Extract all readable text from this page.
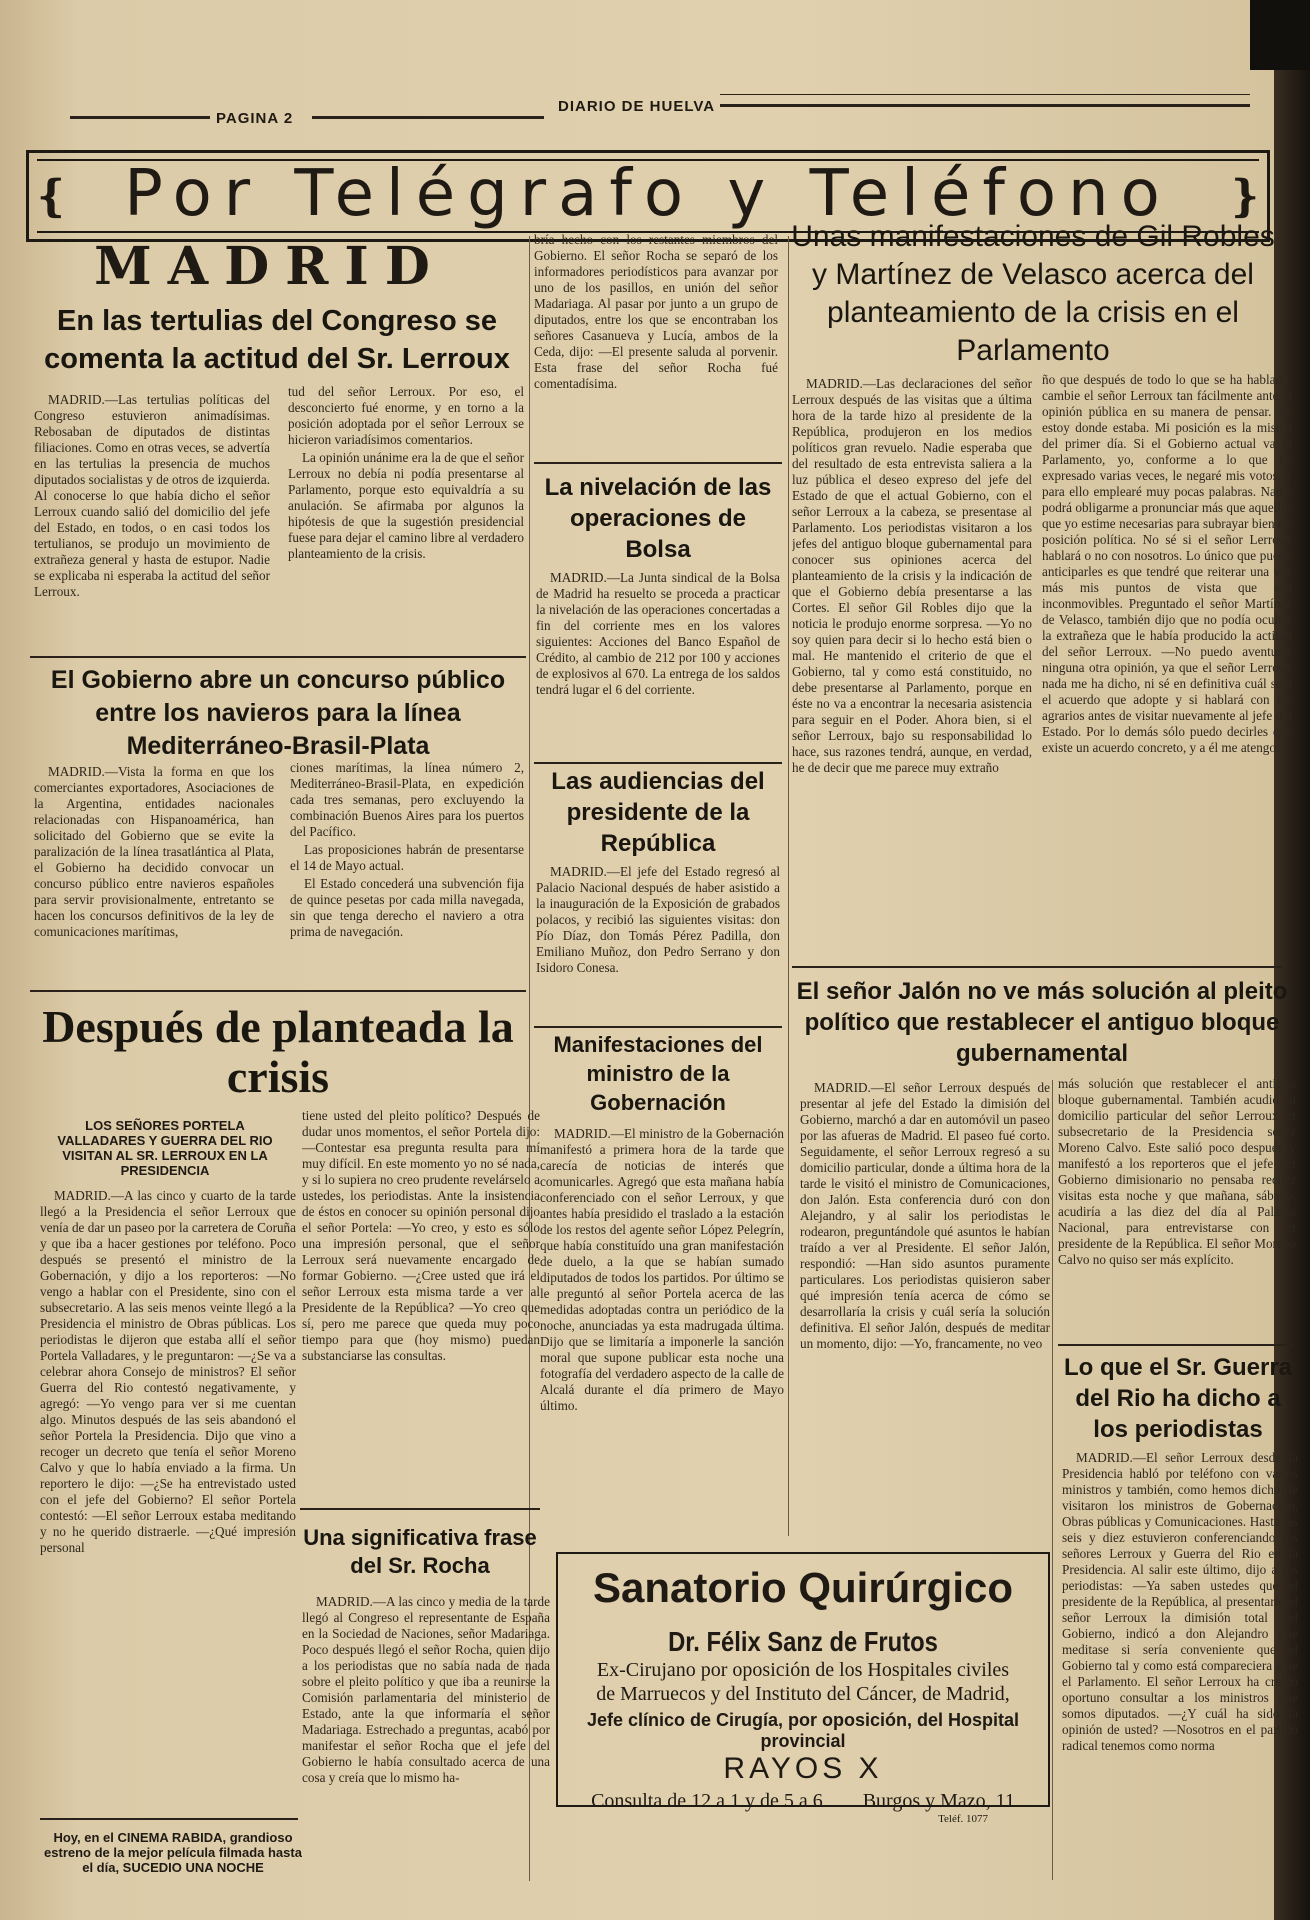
PAGINA 2
DIARIO DE HUELVA
❴	❵
Por Telégrafo y Teléfono
MADRID
En las tertulias del Congreso se comenta la actitud del Sr. Lerroux

MADRID.—Las tertulias políticas del Congreso estuvieron animadísimas. Rebosaban de diputados de distintas filiaciones. Como en otras veces, se advertía en las tertulias la presencia de muchos diputados socialistas y de otros de izquierda. Al conocerse lo que había dicho el señor Lerroux cuando salió del domicilio del jefe del Estado, en todos, o en casi todos los tertulianos, se produjo un movimiento de extrañeza general y hasta de estupor. Nadie se explicaba ni esperaba la actitud del señor Lerroux.

tud del señor Lerroux. Por eso, el desconcierto fué enorme, y en torno a la posición adoptada por el señor Lerroux se hicieron variadísimos comentarios.

La opinión unánime era la de que el señor Lerroux no debía ni podía presentarse al Parlamento, porque esto equivaldría a su anulación. Se afirmaba por algunos la hipótesis de que la sugestión presidencial fuese para dejar el camino libre al verdadero planteamiento de la crisis.

El Gobierno abre un concurso público entre los navieros para la línea Mediterráneo-Brasil-Plata

MADRID.—Vista la forma en que los comerciantes exportadores, Asociaciones de la Argentina, entidades nacionales relacionadas con Hispanoamérica, han solicitado del Gobierno que se evite la paralización de la línea trasatlántica al Plata, el Gobierno ha decidido convocar un concurso público entre navieros españoles para servir provisionalmente, entretanto se hacen los concursos definitivos de la ley de comunicaciones marítimas,

ciones marítimas, la línea número 2, Mediterráneo-Brasil-Plata, en expedición cada tres semanas, pero excluyendo la combinación Buenos Aires para los puertos del Pacífico.

Las proposiciones habrán de presentarse el 14 de Mayo actual.

El Estado concederá una subvención fija de quince pesetas por cada milla navegada, sin que tenga derecho el naviero a otra prima de navegación.

Después de planteada la crisis
LOS SEÑORES PORTELA VALLADARES Y GUERRA DEL RIO VISITAN AL SR. LERROUX EN LA PRESIDENCIA

MADRID.—A las cinco y cuarto de la tarde llegó a la Presidencia el señor Lerroux que venía de dar un paseo por la carretera de Coruña y que iba a hacer gestiones por teléfono. Poco después se presentó el ministro de la Gobernación, y dijo a los reporteros: —No vengo a hablar con el Presidente, sino con el subsecretario. A las seis menos veinte llegó a la Presidencia el ministro de Obras públicas. Los periodistas le dijeron que estaba allí el señor Portela Valladares, y le preguntaron: —¿Se va a celebrar ahora Consejo de ministros? El señor Guerra del Rio contestó negativamente, y agregó: —Yo vengo para ver si me cuentan algo. Minutos después de las seis abandonó el señor Portela la Presidencia. Dijo que vino a recoger un decreto que tenía el señor Moreno Calvo y que lo había enviado a la firma. Un reportero le dijo: —¿Se ha entrevistado usted con el jefe del Gobierno? El señor Portela contestó: —El señor Lerroux estaba meditando y no he querido distraerle. —¿Qué impresión personal

tiene usted del pleito político? Después de dudar unos momentos, el señor Portela dijo: —Contestar esa pregunta resulta para mí muy difícil. En este momento yo no sé nada, y si lo supiera no creo prudente revelárselo a ustedes, los periodistas. Ante la insistencia de éstos en conocer su opinión personal dijo el señor Portela: —Yo creo, y esto es sólo una impresión personal, que el señor Lerroux será nuevamente encargado de formar Gobierno. —¿Cree usted que irá el señor Lerroux esta misma tarde a ver al Presidente de la República? —Yo creo que sí, pero me parece que queda muy poco tiempo para que (hoy mismo) puedan substanciarse las consultas.

Una significativa frase del Sr. Rocha

MADRID.—A las cinco y media de la tarde llegó al Congreso el representante de España en la Sociedad de Naciones, señor Madariaga. Poco después llegó el señor Rocha, quien dijo a los periodistas que no sabía nada de nada sobre el pleito político y que iba a reunirse la Comisión parlamentaria del ministerio de Estado, ante la que informaría el señor Madariaga. Estrechado a preguntas, acabó por manifestar el señor Rocha que el jefe del Gobierno le había consultado acerca de una cosa y creía que lo mismo ha-

bría hecho con los restantes miembros del Gobierno. El señor Rocha se separó de los informadores periodísticos para avanzar por uno de los pasillos, en unión del señor Madariaga. Al pasar por junto a un grupo de diputados, entre los que se encontraban los señores Casanueva y Lucía, ambos de la Ceda, dijo: —El presente saluda al porvenir. Esta frase del señor Rocha fué comentadísima.

La nivelación de las operaciones de Bolsa

MADRID.—La Junta sindical de la Bolsa de Madrid ha resuelto se proceda a practicar la nivelación de las operaciones concertadas a fin del corriente mes en los valores siguientes: Acciones del Banco Español de Crédito, al cambio de 212 por 100 y acciones de explosivos al 670. La entrega de los saldos tendrá lugar el 6 del corriente.

Las audiencias del presidente de la República

MADRID.—El jefe del Estado regresó al Palacio Nacional después de haber asistido a la inauguración de la Exposición de grabados polacos, y recibió las siguientes visitas: don Pío Díaz, don Tomás Pérez Padilla, don Emiliano Muñoz, don Pedro Serrano y don Isidoro Conesa.

Manifestaciones del ministro de la Gobernación

MADRID.—El ministro de la Gobernación manifestó a primera hora de la tarde que carecía de noticias de interés que comunicarles. Agregó que esta mañana había conferenciado con el señor Lerroux, y que antes había presidido el traslado a la estación de los restos del agente señor López Pelegrín, que había constituído una gran manifestación de duelo, a la que se habían sumado diputados de todos los partidos. Por último se le preguntó al señor Portela acerca de las medidas adoptadas contra un periódico de la noche, anunciadas ya esta madrugada última. Dijo que se limitaría a imponerle la sanción moral que supone publicar esta noche una fotografía del verdadero aspecto de la calle de Alcalá durante el día primero de Mayo último.

Unas manifestaciones de Gil Robles y Martínez de Velasco acerca del planteamiento de la crisis en el Parlamento

MADRID.—Las declaraciones del señor Lerroux después de las visitas que a última hora de la tarde hizo al presidente de la República, produjeron en los medios políticos gran revuelo. Nadie esperaba que del resultado de esta entrevista saliera a la luz pública el deseo expreso del jefe del Estado de que el actual Gobierno, con el señor Lerroux a la cabeza, se presentase al Parlamento. Los periodistas visitaron a los jefes del antiguo bloque gubernamental para conocer sus opiniones acerca del planteamiento de la crisis y la indicación de que el Gobierno debía presentarse a las Cortes. El señor Gil Robles dijo que la noticia le produjo enorme sorpresa. —Yo no soy quien para decir si lo hecho está bien o mal. He mantenido el criterio de que el Gobierno, tal y como está constituido, no debe presentarse al Parlamento, porque en éste no va a encontrar la necesaria asistencia para seguir en el Poder. Ahora bien, si el señor Lerroux, bajo su responsabilidad lo hace, sus razones tendrá, aunque, en verdad, he de decir que me parece muy extraño

ño que después de todo lo que se ha hablado, cambie el señor Lerroux tan fácilmente ante la opinión pública en su manera de pensar. Yo estoy donde estaba. Mi posición es la misma del primer día. Si el Gobierno actual va al Parlamento, yo, conforme a lo que he expresado varias veces, le negaré mis votos, y para ello emplearé muy pocas palabras. Nadie podrá obligarme a pronunciar más que aquellas que yo estime necesarias para subrayar bien mi posición política. No sé si el señor Lerroux hablará o no con nosotros. Lo único que puedo anticiparles es que tendré que reiterar una vez más mis puntos de vista que son inconmovibles. Preguntado el señor Martínez de Velasco, también dijo que no podía ocultar la extrañeza que le había producido la actitud del señor Lerroux. —No puedo aventurar ninguna otra opinión, ya que el señor Lerroux nada me ha dicho, ni sé en definitiva cuál será el acuerdo que adopte y si hablará con los agrarios antes de visitar nuevamente al jefe del Estado. Por lo demás sólo puedo decirles que existe un acuerdo concreto, y a él me atengo.

El señor Jalón no ve más solución al pleito político que restablecer el antiguo bloque gubernamental

MADRID.—El señor Lerroux después de presentar al jefe del Estado la dimisión del Gobierno, marchó a dar en automóvil un paseo por las afueras de Madrid. El paseo fué corto. Seguidamente, el señor Lerroux regresó a su domicilio particular, donde a última hora de la tarde le visitó el ministro de Comunicaciones, don Jalón. Esta conferencia duró con don Alejandro, y al salir los periodistas le rodearon, preguntándole qué asuntos le habían traído a ver al Presidente. El señor Jalón, respondió: —Han sido asuntos puramente particulares. Los periodistas quisieron saber qué impresión tenía acerca de cómo se desarrollaría la crisis y cuál sería la solución definitiva. El señor Jalón, después de meditar un momento, dijo: —Yo, francamente, no veo

más solución que restablecer el antiguo bloque gubernamental. También acudió al domicilio particular del señor Lerroux el subsecretario de la Presidencia señor Moreno Calvo. Este salió poco después y manifestó a los reporteros que el jefe del Gobierno dimisionario no pensaba recibir visitas esta noche y que mañana, sábado, acudiría a las diez del día al Palacio Nacional, para entrevistarse con el presidente de la República. El señor Moreno Calvo no quiso ser más explícito.

Lo que el Sr. Guerra del Rio ha dicho a los periodistas

MADRID.—El señor Lerroux desde la Presidencia habló por teléfono con varios ministros y también, como hemos dicho, le visitaron los ministros de Gobernación, Obras públicas y Comunicaciones. Hasta las seis y diez estuvieron conferenciando los señores Lerroux y Guerra del Rio en la Presidencia. Al salir este último, dijo a los periodistas: —Ya saben ustedes que el presidente de la República, al presentarle el señor Lerroux la dimisión total del Gobierno, indicó a don Alejandro que meditase si sería conveniente que el Gobierno tal y como está compareciera ante el Parlamento. El señor Lerroux ha creído oportuno consultar a los ministros que somos diputados. —¿Y cuál ha sido la opinión de usted? —Nosotros en el partido radical tenemos como norma

Sanatorio Quirúrgico
Dr. Félix Sanz de Frutos
Ex-Cirujano por oposición de los Hospitales civiles
de Marruecos y del Instituto del Cáncer, de Madrid,
Jefe clínico de Cirugía, por oposición, del Hospital provincial
RAYOS X
Consulta de 12 a 1 y de 5 a 6 Burgos y Mazo, 11
Teléf. 1077
Hoy, en el CINEMA RABIDA, grandioso estreno de la mejor película filmada hasta el día, SUCEDIO UNA NOCHE
